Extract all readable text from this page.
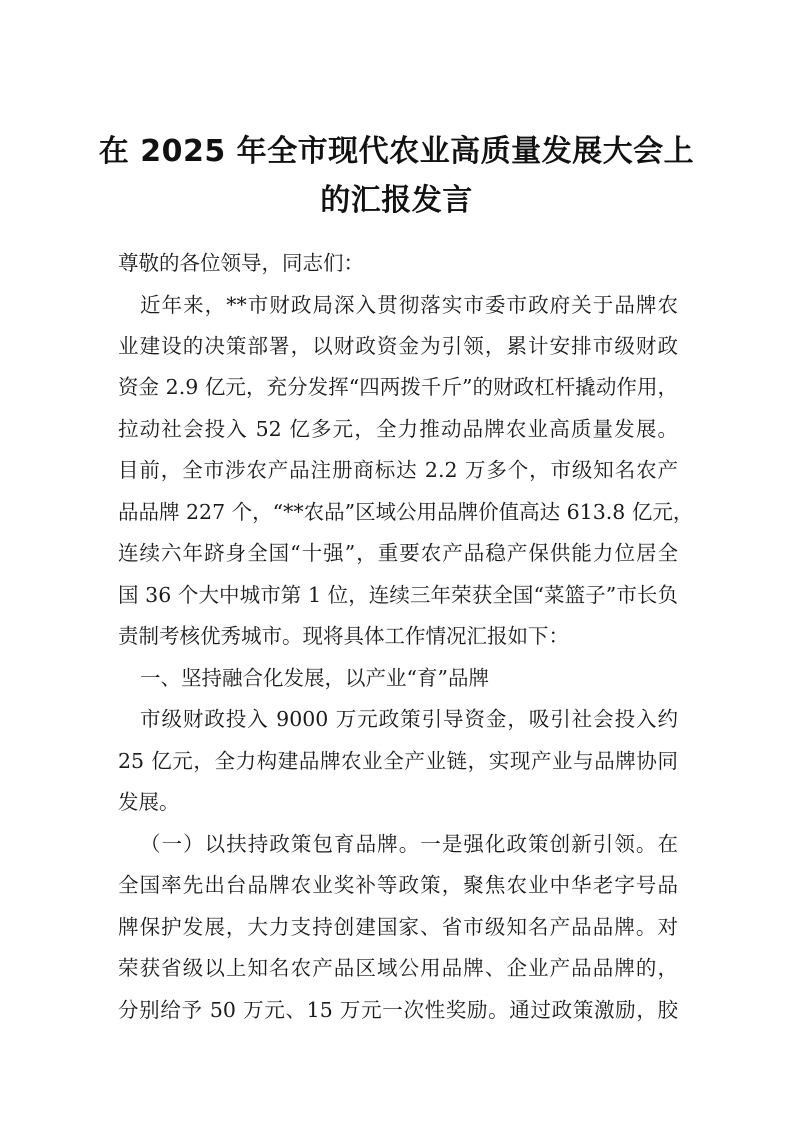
在 2025 年全市现代农业高质量发展大会上
的汇报发言
尊敬的各位领导，同志们：
近年来，**市财政局深入贯彻落实市委市政府关于品牌农
业建设的决策部署，以财政资金为引领，累计安排市级财政
资金 2.9 亿元，充分发挥“四两拨千斤”的财政杠杆撬动作用，
拉动社会投入 52 亿多元，全力推动品牌农业高质量发展。
目前，全市涉农产品注册商标达 2.2 万多个，市级知名农产
品品牌 227 个，“**农品”区域公用品牌价值高达 613.8 亿元，
连续六年跻身全国“十强”，重要农产品稳产保供能力位居全
国 36 个大中城市第 1 位，连续三年荣获全国“菜篮子”市长负
责制考核优秀城市。现将具体工作情况汇报如下：
一、坚持融合化发展，以产业“育”品牌
市级财政投入 9000 万元政策引导资金，吸引社会投入约
25 亿元，全力构建品牌农业全产业链，实现产业与品牌协同
发展。
（一）以扶持政策包育品牌。一是强化政策创新引领。在
全国率先出台品牌农业奖补等政策，聚焦农业中华老字号品
牌保护发展，大力支持创建国家、省市级知名产品品牌。对
荣获省级以上知名农产品区域公用品牌、企业产品品牌的，
分别给予 50 万元、15 万元一次性奖励。通过政策激励，胶
